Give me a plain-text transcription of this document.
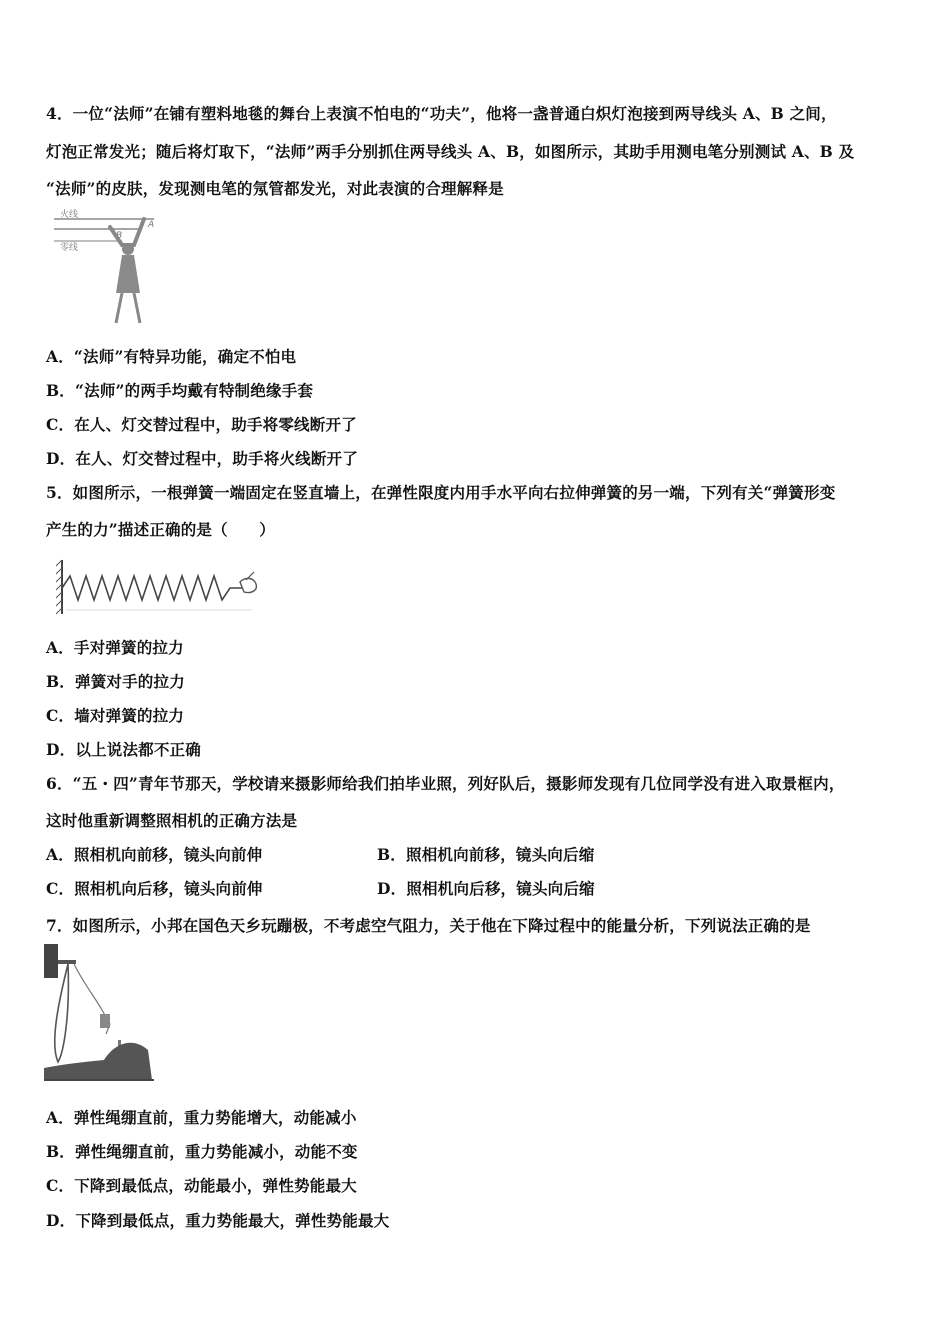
4．一位“法师”在铺有塑料地毯的舞台上表演不怕电的“功夫”，他将一盏普通白炽灯泡接到两导线头 A、B 之间，
灯泡正常发光；随后将灯取下，“法师”两手分别抓住两导线头 A、B，如图所示，其助手用测电笔分别测试 A、B 及
“法师”的皮肤，发现测电笔的氖管都发光，对此表演的合理解释是
火线
零线
A
B
A．“法师”有特异功能，确定不怕电
B．“法师”的两手均戴有特制绝缘手套
C．在人、灯交替过程中，助手将零线断开了
D．在人、灯交替过程中，助手将火线断开了
5．如图所示，一根弹簧一端固定在竖直墙上，在弹性限度内用手水平向右拉伸弹簧的另一端，下列有关“弹簧形变
产生的力”描述正确的是（　　）
A．手对弹簧的拉力
B．弹簧对手的拉力
C．墙对弹簧的拉力
D．以上说法都不正确
6．“五・四”青年节那天，学校请来摄影师给我们拍毕业照，列好队后，摄影师发现有几位同学没有进入取景框内，
这时他重新调整照相机的正确方法是
A．照相机向前移，镜头向前伸	B．照相机向前移，镜头向后缩
C．照相机向后移，镜头向前伸	D．照相机向后移，镜头向后缩
7．如图所示，小邦在国色天乡玩蹦极，不考虑空气阻力，关于他在下降过程中的能量分析，下列说法正确的是
A．弹性绳绷直前，重力势能增大，动能减小
B．弹性绳绷直前，重力势能减小，动能不变
C．下降到最低点，动能最小，弹性势能最大
D．下降到最低点，重力势能最大，弹性势能最大
